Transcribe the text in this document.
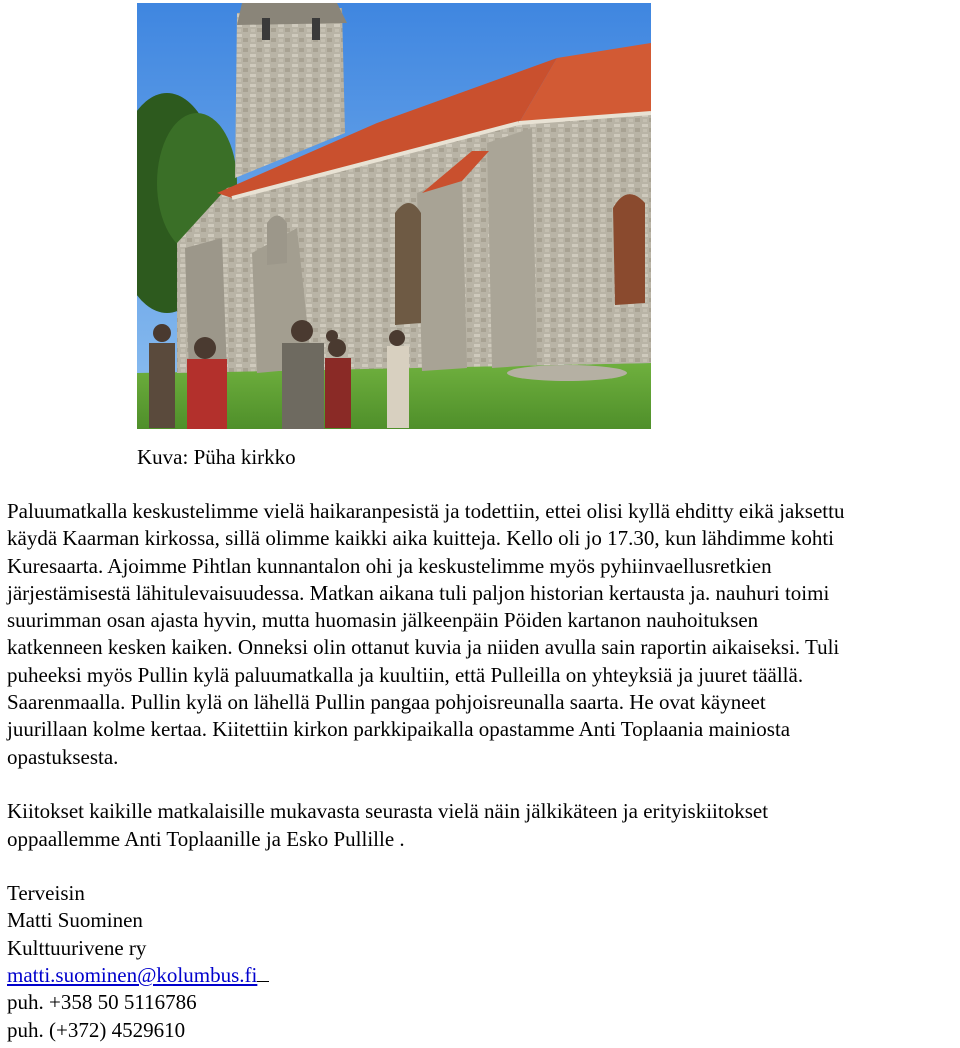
Kuva: Püha kirkko
Paluumatkalla keskustelimme vielä haikaranpesistä ja todettiin, ettei olisi kyllä ehditty eikä jaksettu
käydä Kaarman kirkossa, sillä olimme kaikki aika kuitteja. Kello oli jo 17.30, kun lähdimme kohti
Kuresaarta. Ajoimme Pihtlan kunnantalon ohi ja keskustelimme myös pyhiinvaellusretkien
järjestämisestä lähitulevaisuudessa. Matkan aikana tuli paljon historian kertausta ja. nauhuri toimi
suurimman osan ajasta hyvin, mutta huomasin jälkeenpäin Pöiden kartanon nauhoituksen
katkenneen kesken kaiken. Onneksi olin ottanut kuvia ja niiden avulla sain raportin aikaiseksi. Tuli
puheeksi myös Pullin kylä paluumatkalla ja kuultiin, että Pulleilla on yhteyksiä ja juuret täällä.
Saarenmaalla. Pullin kylä on lähellä Pullin pangaa pohjoisreunalla saarta. He ovat käyneet
juurillaan kolme kertaa. Kiitettiin kirkon parkkipaikalla opastamme Anti Toplaania mainiosta
opastuksesta.
Kiitokset kaikille matkalaisille mukavasta seurasta vielä näin jälkikäteen ja erityiskiitokset
oppaallemme Anti Toplaanille ja Esko Pullille .
Terveisin
Matti Suominen
Kulttuurivene ry
matti.suominen@kolumbus.fi
puh. +358 50 5116786
puh. (+372) 4529610
